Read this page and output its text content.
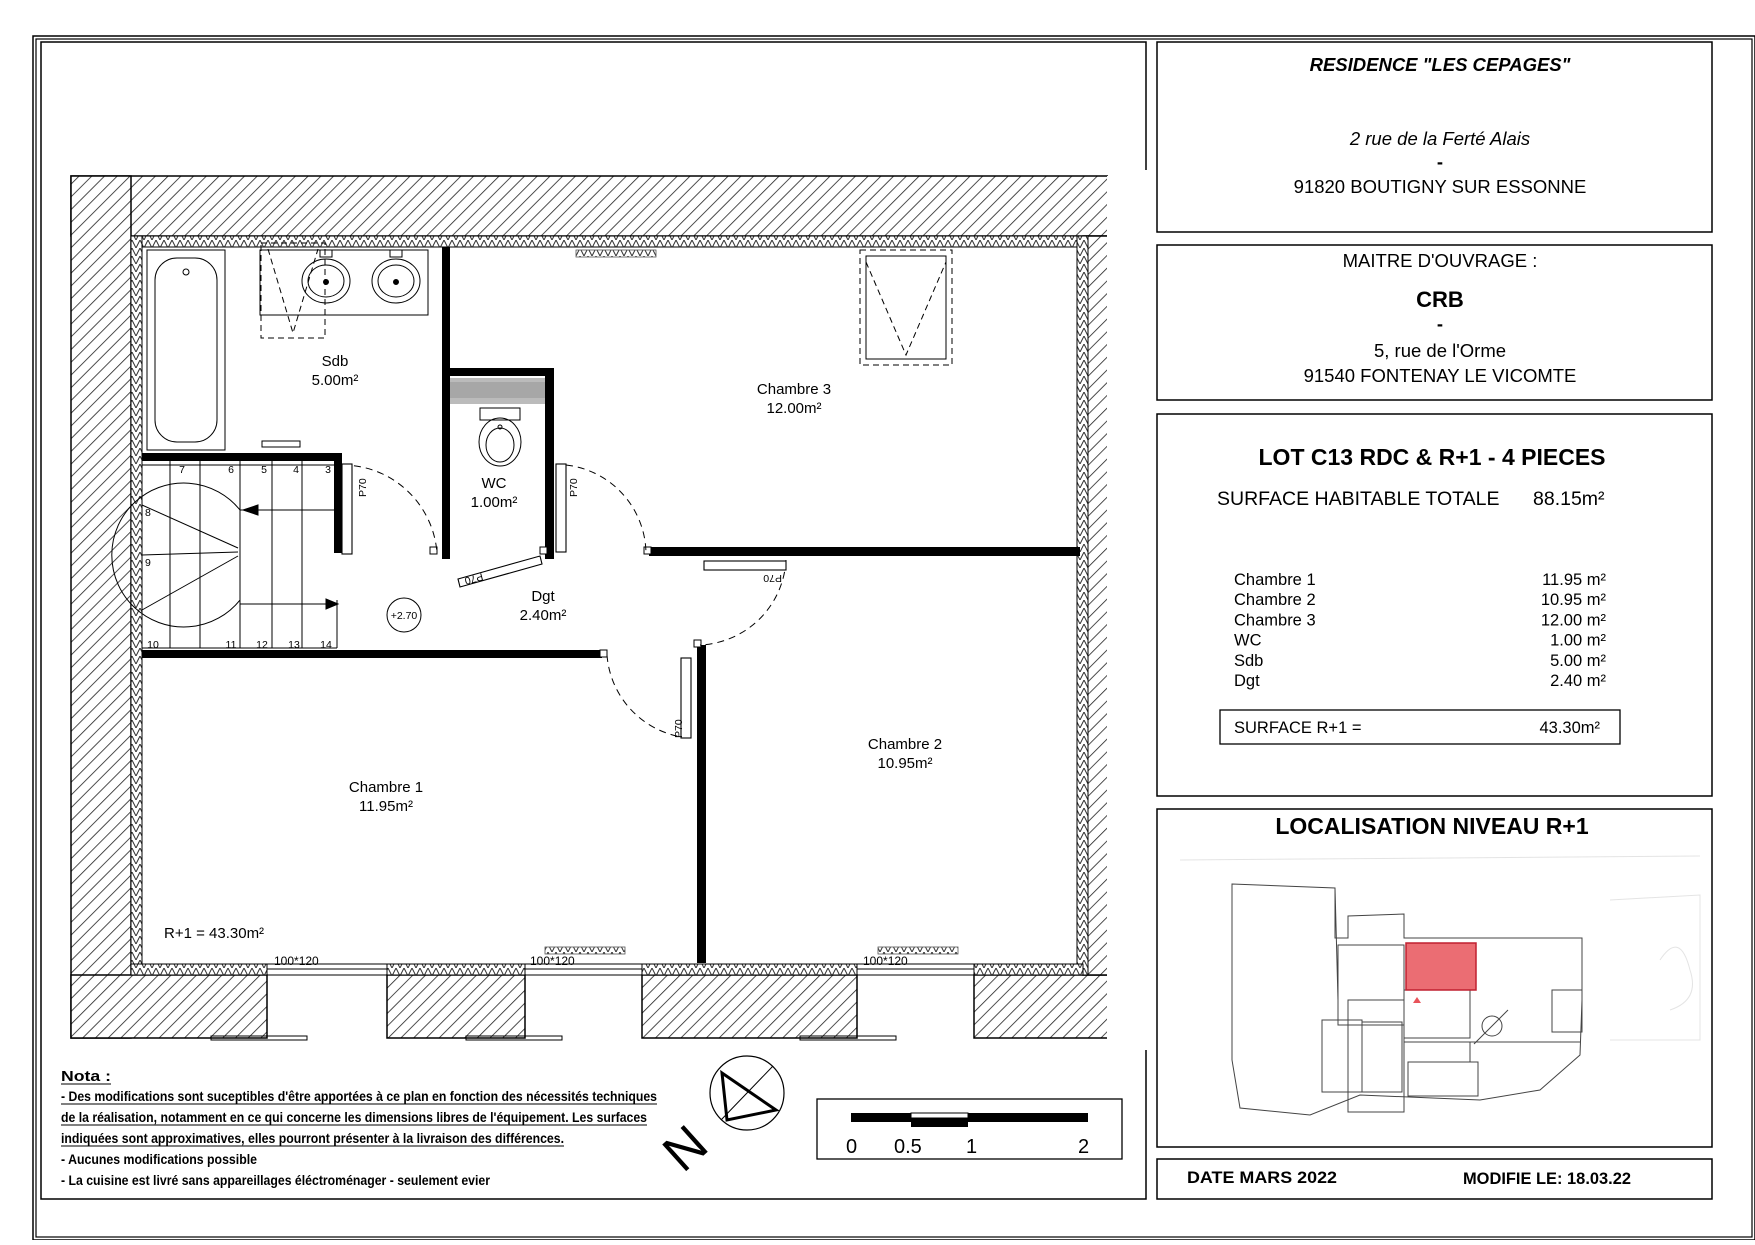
RESIDENCE "LES CEPAGES"
2 rue de la Ferté Alais
-
91820 BOUTIGNY SUR ESSONNE
MAITRE D'OUVRAGE :
CRB
-
5, rue de l'Orme
91540 FONTENAY LE VICOMTE
LOT C13 RDC & R+1 - 4 PIECES
SURFACE HABITABLE TOTALE 88.15m²
Chambre 1	11.95 m²
Chambre 2	10.95 m²
Chambre 3	12.00 m²
WC	1.00 m²
Sdb	5.00 m²
Dgt	2.40 m²
SURFACE R+1 =	43.30m²
LOCALISATION NIVEAU R+1
DATE MARS 2022	MODIFIE LE: 18.03.22
P70	P70
P70
P70
P70
7	6	5 4 3
8
9
10	11 12 13 14
Sdb
5.00m²
Chambre 3
12.00m²
WC
1.00m²
Dgt
2.40m²
Chambre 1
11.95m²
Chambre 2
10.95m²
+2.70
R+1 = 43.30m²
100*120	100*120	100*120
Nota :
- Des modifications sont suceptibles d'être apportées à ce plan en fonction des nécessités techniques
de la réalisation, notamment en ce qui concerne les dimensions libres de l'équipement. Les surfaces
indiquées sont approximatives, elles pourront présenter à la livraison des différences.
- Aucunes modifications possible
- La cuisine est livré sans appareillages éléctroménager - seulement evier	N	0 0.5 1	2
